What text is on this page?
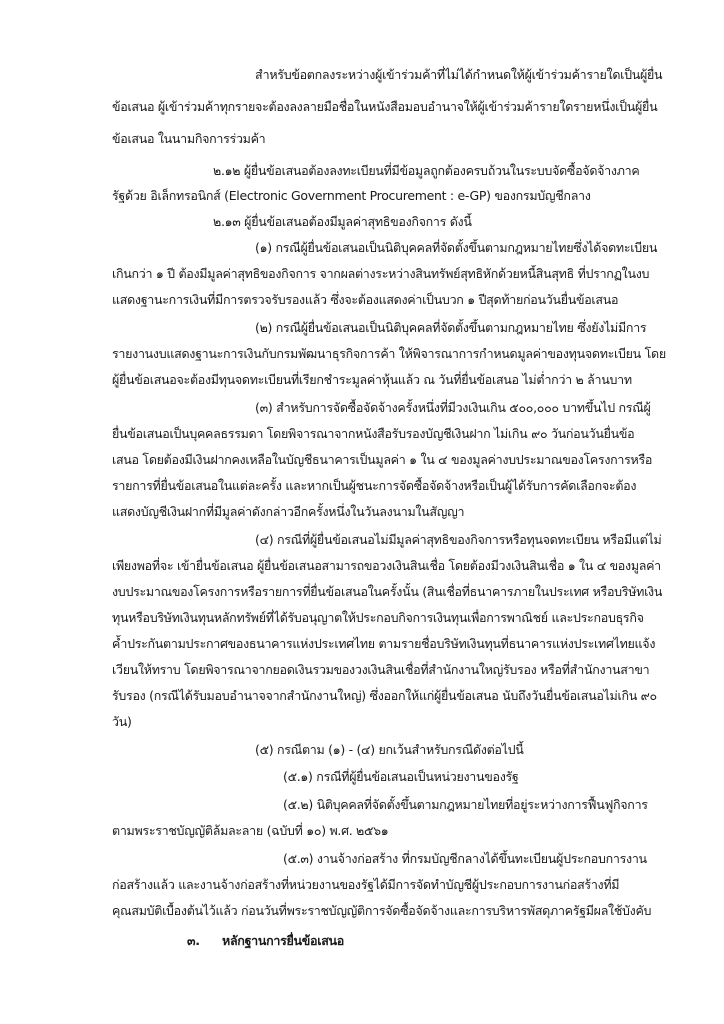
สำหรับข้อตกลงระหว่างผู้เข้าร่วมค้าที่ไม่ได้กำหนดให้ผู้เข้าร่วมค้ารายใดเป็นผู้ยื่น
ข้อเสนอ ผู้เข้าร่วมค้าทุกรายจะต้องลงลายมือชื่อในหนังสือมอบอำนาจให้ผู้เข้าร่วมค้ารายใดรายหนึ่งเป็นผู้ยื่น
ข้อเสนอ ในนามกิจการร่วมค้า
๒.๑๒ ผู้ยื่นข้อเสนอต้องลงทะเบียนที่มีข้อมูลถูกต้องครบถ้วนในระบบจัดซื้อจัดจ้างภาค
รัฐด้วย อิเล็กทรอนิกส์ (Electronic Government Procurement : e-GP) ของกรมบัญชีกลาง
๒.๑๓ ผู้ยื่นข้อเสนอต้องมีมูลค่าสุทธิของกิจการ ดังนี้
(๑) กรณีผู้ยื่นข้อเสนอเป็นนิติบุคคลที่จัดตั้งขึ้นตามกฎหมายไทยซึ่งได้จดทะเบียน
เกินกว่า ๑ ปี ต้องมีมูลค่าสุทธิของกิจการ จากผลต่างระหว่างสินทรัพย์สุทธิหักด้วยหนี้สินสุทธิ ที่ปรากฏในงบ
แสดงฐานะการเงินที่มีการตรวจรับรองแล้ว ซึ่งจะต้องแสดงค่าเป็นบวก ๑ ปีสุดท้ายก่อนวันยื่นข้อเสนอ
(๒) กรณีผู้ยื่นข้อเสนอเป็นนิติบุคคลที่จัดตั้งขึ้นตามกฎหมายไทย ซึ่งยังไม่มีการ
รายงานงบแสดงฐานะการเงินกับกรมพัฒนาธุรกิจการค้า ให้พิจารณาการกำหนดมูลค่าของทุนจดทะเบียน โดย
ผู้ยื่นข้อเสนอจะต้องมีทุนจดทะเบียนที่เรียกชำระมูลค่าหุ้นแล้ว ณ วันที่ยื่นข้อเสนอ ไม่ต่ำกว่า ๒ ล้านบาท
(๓) สำหรับการจัดซื้อจัดจ้างครั้งหนึ่งที่มีวงเงินเกิน ๕๐๐,๐๐๐ บาทขึ้นไป กรณีผู้
ยื่นข้อเสนอเป็นบุคคลธรรมดา โดยพิจารณาจากหนังสือรับรองบัญชีเงินฝาก ไม่เกิน ๙๐ วันก่อนวันยื่นข้อ
เสนอ โดยต้องมีเงินฝากคงเหลือในบัญชีธนาคารเป็นมูลค่า ๑ ใน ๔ ของมูลค่างบประมาณของโครงการหรือ
รายการที่ยื่นข้อเสนอในแต่ละครั้ง และหากเป็นผู้ชนะการจัดซื้อจัดจ้างหรือเป็นผู้ได้รับการคัดเลือกจะต้อง
แสดงบัญชีเงินฝากที่มีมูลค่าดังกล่าวอีกครั้งหนึ่งในวันลงนามในสัญญา
(๔) กรณีที่ผู้ยื่นข้อเสนอไม่มีมูลค่าสุทธิของกิจการหรือทุนจดทะเบียน หรือมีแต่ไม่
เพียงพอที่จะ เข้ายื่นข้อเสนอ ผู้ยื่นข้อเสนอสามารถขอวงเงินสินเชื่อ โดยต้องมีวงเงินสินเชื่อ ๑ ใน ๔ ของมูลค่า
งบประมาณของโครงการหรือรายการที่ยื่นข้อเสนอในครั้งนั้น (สินเชื่อที่ธนาคารภายในประเทศ หรือบริษัทเงิน
ทุนหรือบริษัทเงินทุนหลักทรัพย์ที่ได้รับอนุญาตให้ประกอบกิจการเงินทุนเพื่อการพาณิชย์ และประกอบธุรกิจ
ค้ำประกันตามประกาศของธนาคารแห่งประเทศไทย ตามรายชื่อบริษัทเงินทุนที่ธนาคารแห่งประเทศไทยแจ้ง
เวียนให้ทราบ โดยพิจารณาจากยอดเงินรวมของวงเงินสินเชื่อที่สำนักงานใหญ่รับรอง หรือที่สำนักงานสาขา
รับรอง (กรณีได้รับมอบอำนาจจากสำนักงานใหญ่) ซึ่งออกให้แก่ผู้ยื่นข้อเสนอ นับถึงวันยื่นข้อเสนอไม่เกิน ๙๐
วัน)
(๕) กรณีตาม (๑) - (๔) ยกเว้นสำหรับกรณีดังต่อไปนี้
(๕.๑) กรณีที่ผู้ยื่นข้อเสนอเป็นหน่วยงานของรัฐ
(๕.๒) นิติบุคคลที่จัดตั้งขึ้นตามกฎหมายไทยที่อยู่ระหว่างการฟื้นฟูกิจการ
ตามพระราชบัญญัติล้มละลาย (ฉบับที่ ๑๐) พ.ศ. ๒๕๖๑
(๕.๓) งานจ้างก่อสร้าง ที่กรมบัญชีกลางได้ขึ้นทะเบียนผู้ประกอบการงาน
ก่อสร้างแล้ว และงานจ้างก่อสร้างที่หน่วยงานของรัฐได้มีการจัดทำบัญชีผู้ประกอบการงานก่อสร้างที่มี
คุณสมบัติเบื้องต้นไว้แล้ว ก่อนวันที่พระราชบัญญัติการจัดซื้อจัดจ้างและการบริหารพัสดุภาครัฐมีผลใช้บังคับ
๓.	หลักฐานการยื่นข้อเสนอ
